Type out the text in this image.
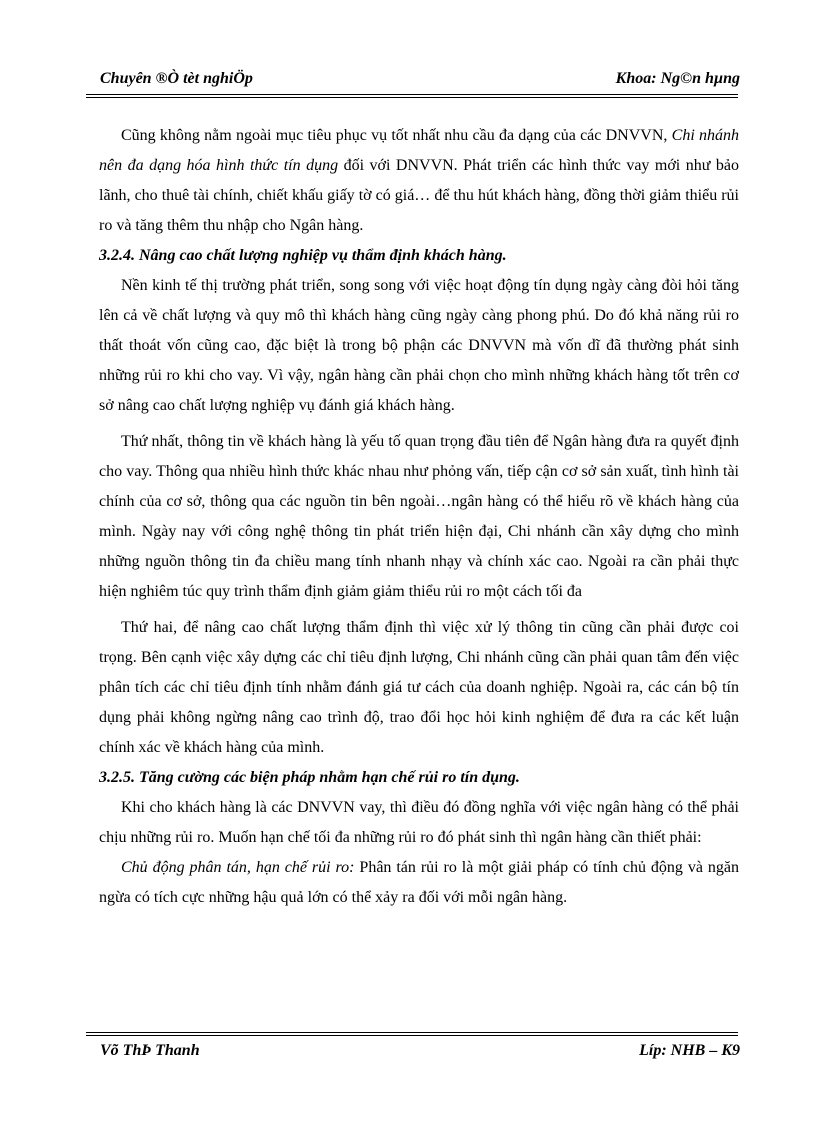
Chuyên ®Ò tèt nghiÖp	Khoa: Ng©n hµng

Cũng không nằm ngoài mục tiêu phục vụ tốt nhất nhu cầu đa dạng của các DNVVN, Chi nhánh nên đa dạng hóa hình thức tín dụng đối với DNVVN. Phát triển các hình thức vay mới như bảo lãnh, cho thuê tài chính, chiết khấu giấy tờ có giá… để thu hút khách hàng, đồng thời giảm thiểu rủi ro và tăng thêm thu nhập cho Ngân hàng.

3.2.4. Nâng cao chất lượng nghiệp vụ thẩm định khách hàng.

Nền kinh tế thị trường phát triển, song song với việc hoạt động tín dụng ngày càng đòi hỏi tăng lên cả về chất lượng và quy mô thì khách hàng cũng ngày càng phong phú. Do đó khả năng rủi ro thất thoát vốn cũng cao, đặc biệt là trong bộ phận các DNVVN mà vốn dĩ đã thường phát sinh những rủi ro khi cho vay. Vì vậy, ngân hàng cần phải chọn cho mình những khách hàng tốt trên cơ sở nâng cao chất lượng nghiệp vụ đánh giá khách hàng.

Thứ nhất, thông tin về khách hàng là yếu tố quan trọng đầu tiên để Ngân hàng đưa ra quyết định cho vay. Thông qua nhiều hình thức khác nhau như phỏng vấn, tiếp cận cơ sở sản xuất, tình hình tài chính của cơ sở, thông qua các nguồn tin bên ngoài…ngân hàng có thể hiểu rõ về khách hàng của mình. Ngày nay với công nghệ thông tin phát triển hiện đại, Chi nhánh cần xây dựng cho mình những nguồn thông tin đa chiều mang tính nhanh nhạy và chính xác cao. Ngoài ra cần phải thực hiện nghiêm túc quy trình thẩm định giảm giảm thiểu rủi ro một cách tối đa

Thứ hai, để nâng cao chất lượng thẩm định thì việc xử lý thông tin cũng cần phải được coi trọng. Bên cạnh việc xây dựng các chỉ tiêu định lượng, Chi nhánh cũng cần phải quan tâm đến việc phân tích các chỉ tiêu định tính nhằm đánh giá tư cách của doanh nghiệp. Ngoài ra, các cán bộ tín dụng phải không ngừng nâng cao trình độ, trao đổi học hỏi kinh nghiệm để đưa ra các kết luận chính xác về khách hàng của mình.

3.2.5. Tăng cường các biện pháp nhằm hạn chế rủi ro tín dụng.

Khi cho khách hàng là các DNVVN vay, thì điều đó đồng nghĩa với việc ngân hàng có thể phải chịu những rủi ro. Muốn hạn chế tối đa những rủi ro đó phát sinh thì ngân hàng cần thiết phải:

Chủ động phân tán, hạn chế rủi ro: Phân tán rủi ro là một giải pháp có tính chủ động và ngăn ngừa có tích cực những hậu quả lớn có thể xảy ra đối với mỗi ngân hàng.

Võ ThÞ Thanh	Líp: NHB – K9
